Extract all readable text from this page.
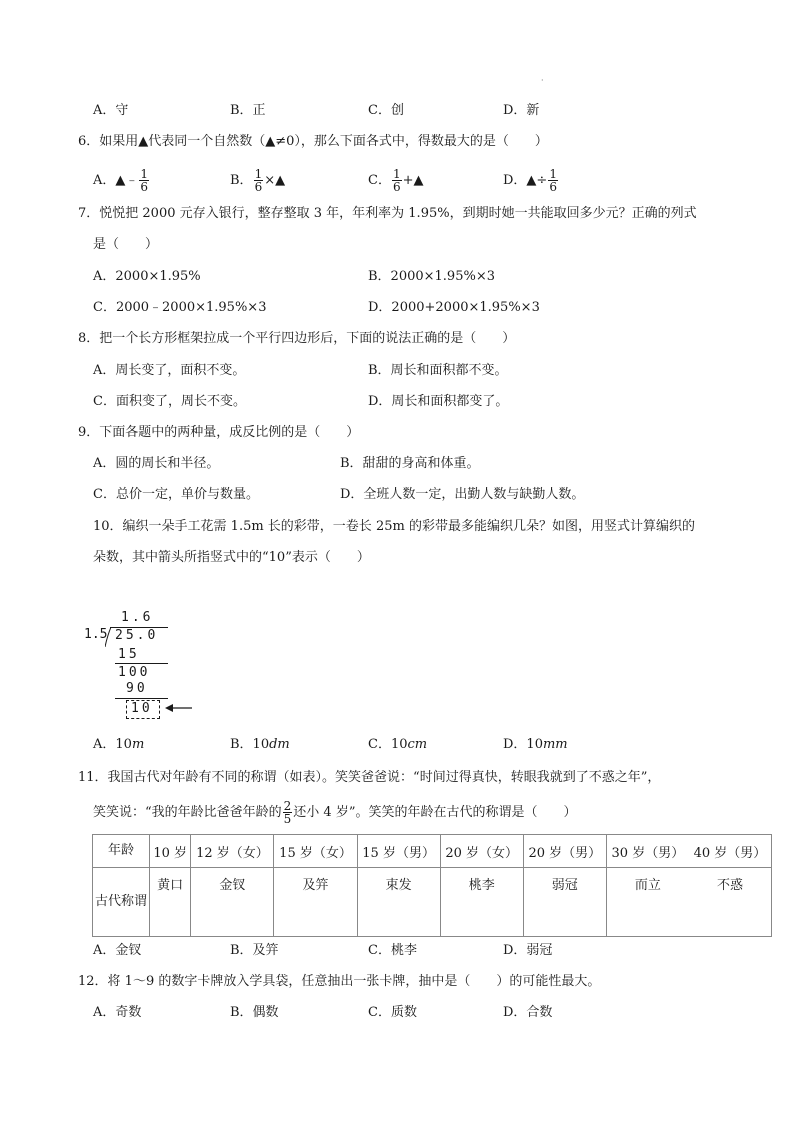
·
A．守	B．正	C．创	D．新
6．如果用▲代表同一个自然数（▲≠0），那么下面各式中，得数最大的是（　　）
A．▲﹣ $\frac{1}{6}$	B． $\frac{1}{6}$ ×▲	C． $\frac{1}{6}$ +▲	D．▲÷ $\frac{1}{6}$
7．悦悦把 2000 元存入银行，整存整取 3 年，年利率为 1.95%，到期时她一共能取回多少元？正确的列式
是（　　）
A．2000×1.95%	B．2000×1.95%×3
C．2000﹣2000×1.95%×3	D．2000+2000×1.95%×3
8．把一个长方形框架拉成一个平行四边形后，下面的说法正确的是（　　）
A．周长变了，面积不变。	B．周长和面积都不变。
C．面积变了，周长不变。	D．周长和面积都变了。
9．下面各题中的两种量，成反比例的是（　　）
A．圆的周长和半径。	B．甜甜的身高和体重。
C．总价一定，单价与数量。	D．全班人数一定，出勤人数与缺勤人数。
10．编织一朵手工花需 1.5m 长的彩带，一卷长 25m 的彩带最多能编织几朵？如图，用竖式计算编织的
朵数，其中箭头所指竖式中的“10”表示（　　）
1.6
1.5 25.0
15
100
90
10
A．10m	B．10dm	C．10cm	D．10mm
11．我国古代对年龄有不同的称谓（如表）。笑笑爸爸说：“时间过得真快，转眼我就到了不惑之年”，
笑笑说：“我的年龄比爸爸年龄的 $\frac{2}{5}$ 还小 4 岁”。笑笑的年龄在古代的称谓是（　　）
年龄	10 岁	12 岁（女）	15 岁（女）	15 岁（男）	20 岁（女）	20 岁（男）	30 岁（男）	40 岁（男）
古代称谓	黄口	金钗	及笄	束发	桃李	弱冠	而立	不惑
A．金钗	B．及笄	C．桃李	D．弱冠
12．将 1～9 的数字卡牌放入学具袋，任意抽出一张卡牌，抽中是（　　）的可能性最大。
A．奇数	B．偶数	C．质数	D．合数
